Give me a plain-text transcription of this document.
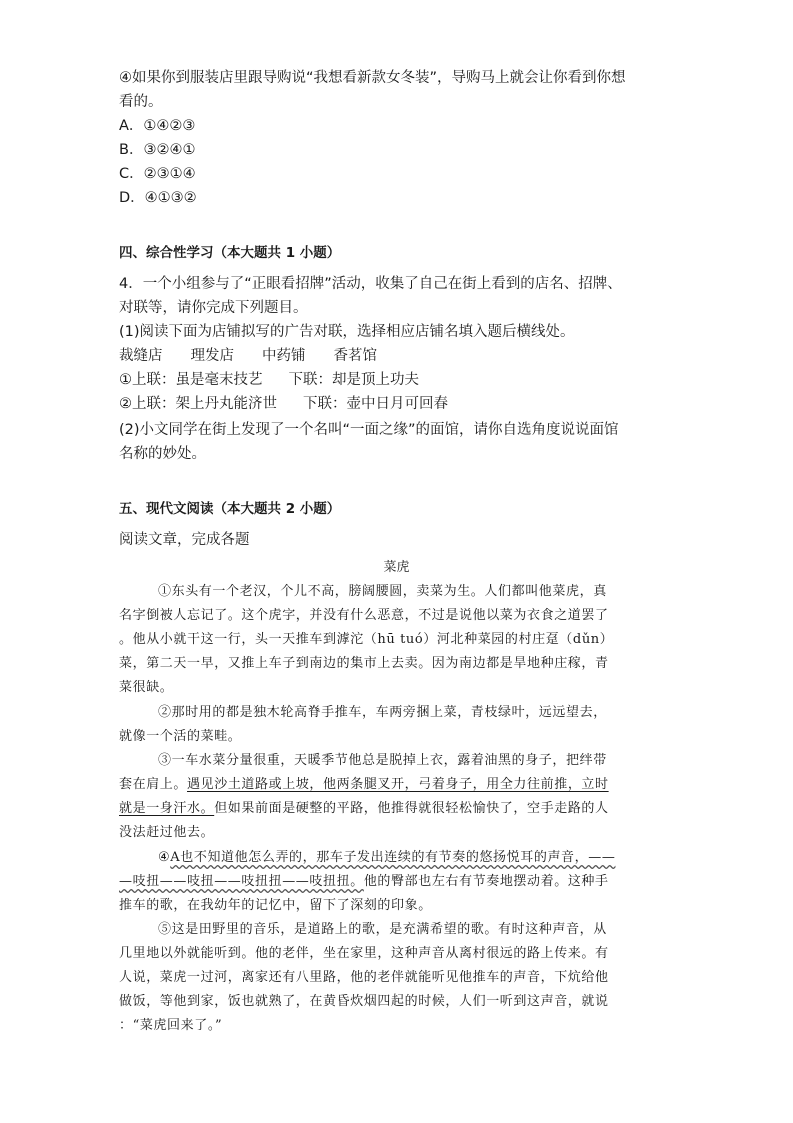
④如果你到服装店里跟导购说“我想看新款女冬装”，导购马上就会让你看到你想
看的。
A．①④②③
B．③②④①
C．②③①④
D．④①③②
四、综合性学习（本大题共 1 小题）
4．一个小组参与了“正眼看招牌”活动，收集了自己在街上看到的店名、招牌、
对联等，请你完成下列题目。
(1)阅读下面为店铺拟写的广告对联，选择相应店铺名填入题后横线处。
裁缝店 理发店 中药铺 香茗馆
①上联：虽是毫末技艺 下联：却是顶上功夫
②上联：架上丹丸能济世 下联：壶中日月可回春
(2)小文同学在街上发现了一个名叫“一面之缘”的面馆，请你自选角度说说面馆
名称的妙处。
五、现代文阅读（本大题共 2 小题）
阅读文章，完成各题
菜虎
①东头有一个老汉，个儿不高，膀阔腰圆，卖菜为生。人们都叫他菜虎，真
名字倒被人忘记了。这个虎字，并没有什么恶意，不过是说他以菜为衣食之道罢了
。他从小就干这一行，头一天推车到滹沱（hū tuó）河北种菜园的村庄趸（dǔn）
菜，第二天一早，又推上车子到南边的集市上去卖。因为南边都是旱地种庄稼，青
菜很缺。
②那时用的都是独木轮高脊手推车，车两旁捆上菜，青枝绿叶，远远望去，
就像一个活的菜畦。
③一车水菜分量很重，天暖季节他总是脱掉上衣，露着油黑的身子，把绊带
套在肩上。遇见沙土道路或上坡，他两条腿叉开，弓着身子，用全力往前推，立时
就是一身汗水。但如果前面是硬整的平路，他推得就很轻松愉快了，空手走路的人
没法赶过他去。
④A也不知道他怎么弄的，那车子发出连续的有节奏的悠扬悦耳的声音，——
—吱扭——吱扭——吱扭扭——吱扭扭。他的臀部也左右有节奏地摆动着。这种手
推车的歌，在我幼年的记忆中，留下了深刻的印象。
⑤这是田野里的音乐，是道路上的歌，是充满希望的歌。有时这种声音，从
几里地以外就能听到。他的老伴，坐在家里，这种声音从离村很远的路上传来。有
人说，菜虎一过河，离家还有八里路，他的老伴就能听见他推车的声音，下炕给他
做饭，等他到家，饭也就熟了，在黄昏炊烟四起的时候，人们一听到这声音，就说
：“菜虎回来了。”
